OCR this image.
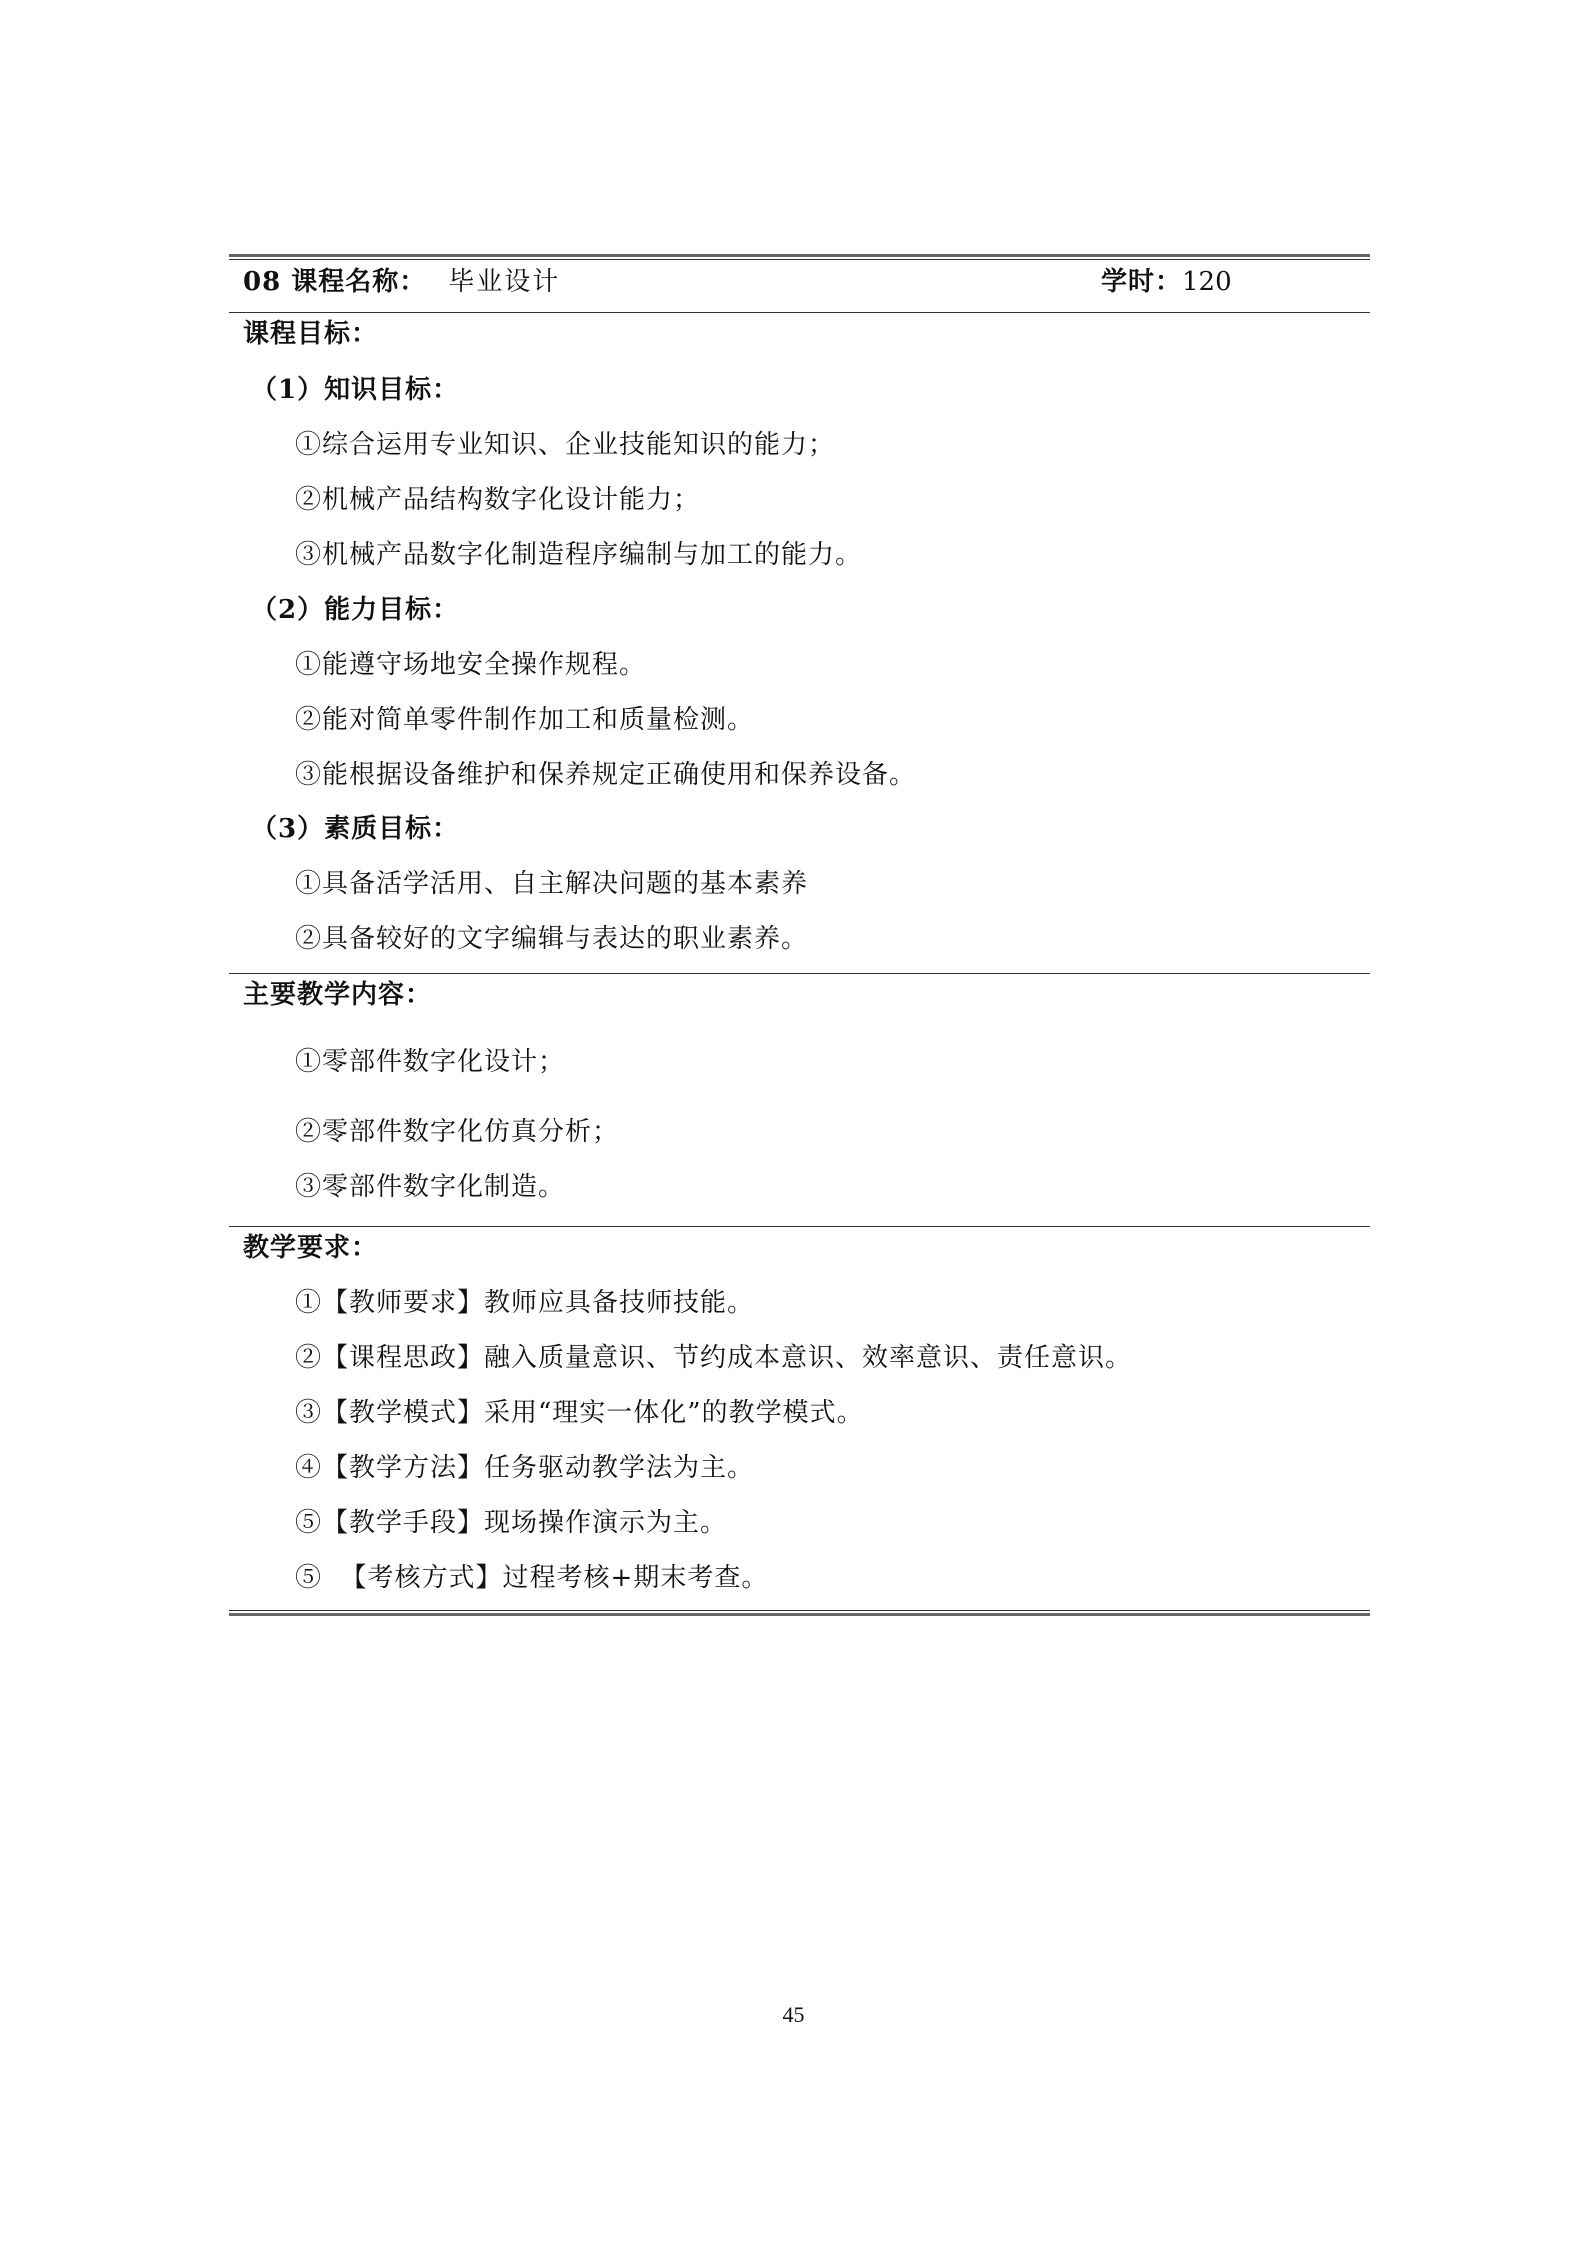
08 课程名称： 毕业设计	学时：120
课程目标：
（1）知识目标：
①综合运用专业知识、企业技能知识的能力；
②机械产品结构数字化设计能力；
③机械产品数字化制造程序编制与加工的能力。
（2）能力目标：
①能遵守场地安全操作规程。
②能对简单零件制作加工和质量检测。
③能根据设备维护和保养规定正确使用和保养设备。
（3）素质目标：
①具备活学活用、自主解决问题的基本素养
②具备较好的文字编辑与表达的职业素养。
主要教学内容：
①零部件数字化设计；
②零部件数字化仿真分析；
③零部件数字化制造。
教学要求：
①【教师要求】教师应具备技师技能。
②【课程思政】融入质量意识、节约成本意识、效率意识、责任意识。
③【教学模式】采用“理实一体化”的教学模式。
④【教学方法】任务驱动教学法为主。
⑤【教学手段】现场操作演示为主。
⑤  【考核方式】过程考核+期末考查。
45
